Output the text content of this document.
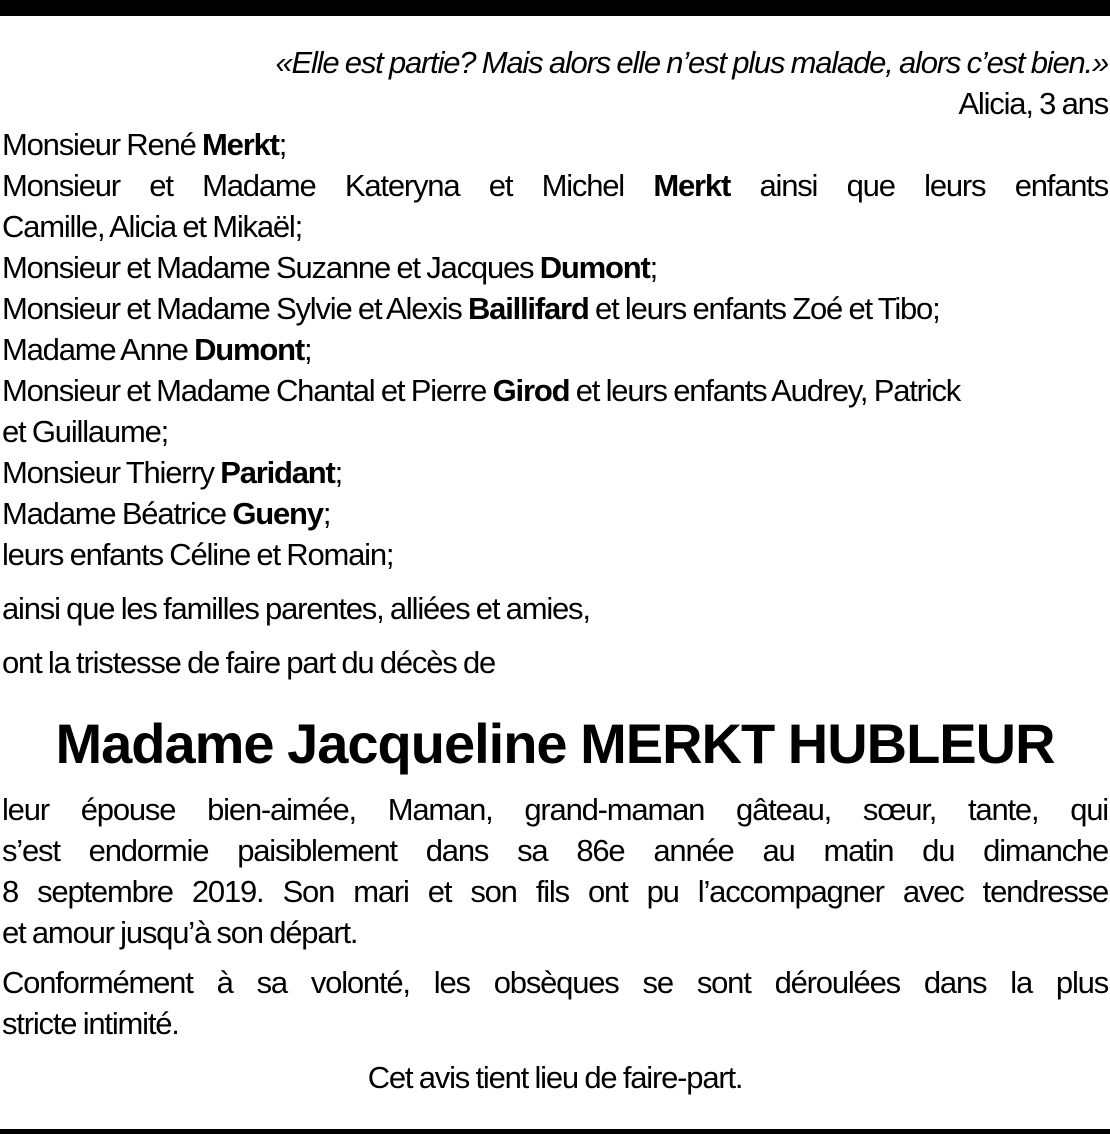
«Elle est partie? Mais alors elle n’est plus malade, alors c’est bien.»
Alicia, 3 ans
Monsieur René Merkt;
Monsieur et Madame Kateryna et Michel Merkt ainsi que leurs enfants
Camille, Alicia et Mikaël;
Monsieur et Madame Suzanne et Jacques Dumont;
Monsieur et Madame Sylvie et Alexis Baillifard et leurs enfants Zoé et Tibo;
Madame Anne Dumont;
Monsieur et Madame Chantal et Pierre Girod et leurs enfants Audrey, Patrick
et Guillaume;
Monsieur Thierry Paridant;
Madame Béatrice Gueny;
leurs enfants Céline et Romain;
ainsi que les familles parentes, alliées et amies,
ont la tristesse de faire part du décès de
Madame Jacqueline MERKT HUBLEUR
leur épouse bien-aimée, Maman, grand-maman gâteau, sœur, tante, qui
s’est endormie paisiblement dans sa 86e année au matin du dimanche
8 septembre 2019. Son mari et son fils ont pu l’accompagner avec tendresse
et amour jusqu’à son départ.
Conformément à sa volonté, les obsèques se sont déroulées dans la plus
stricte intimité.
Cet avis tient lieu de faire-part.
